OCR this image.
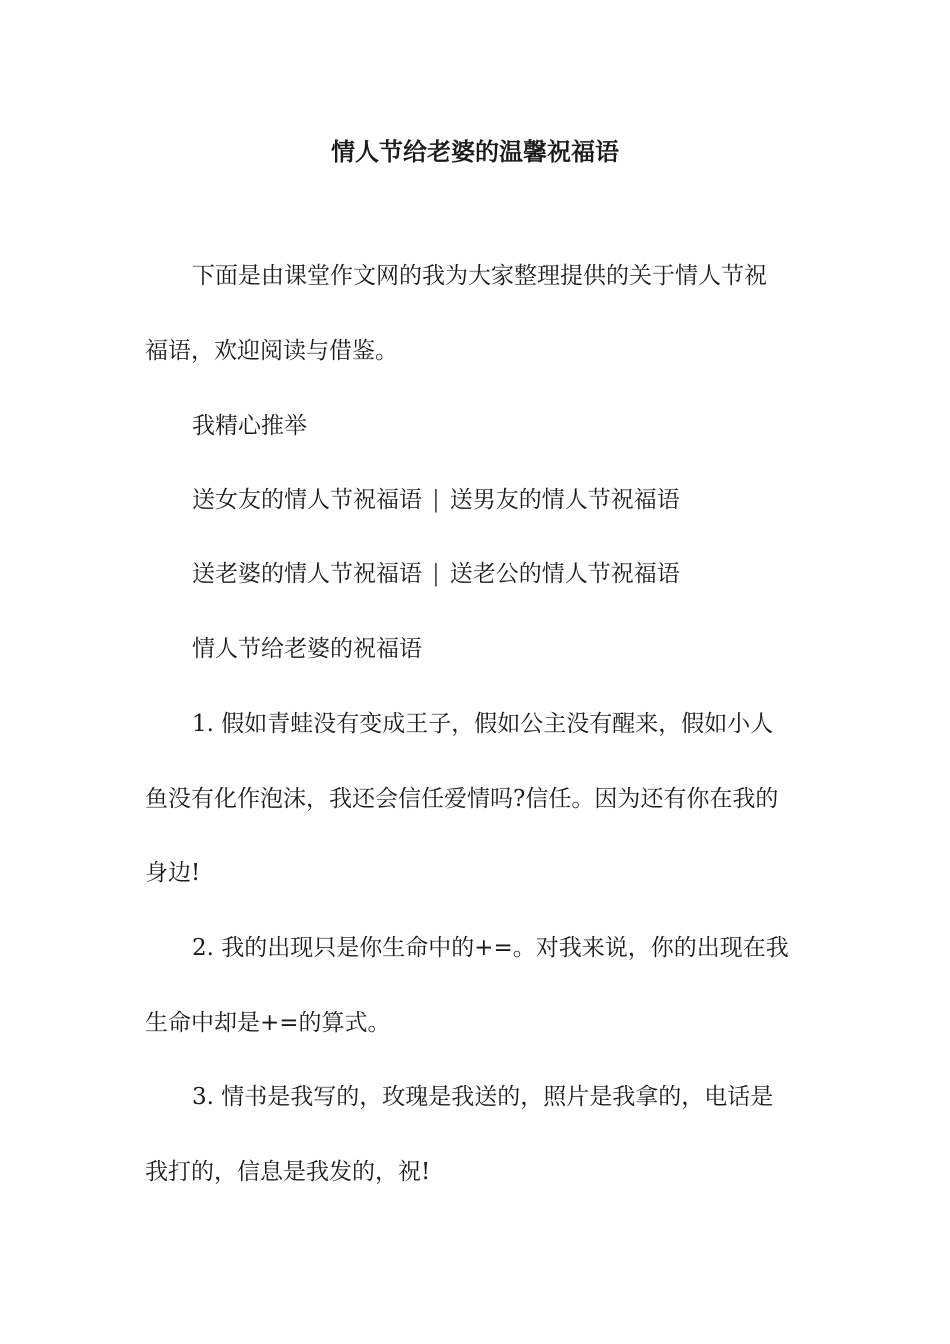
情人节给老婆的温馨祝福语

下面是由课堂作文网的我为大家整理提供的关于情人节祝

福语，欢迎阅读与借鉴。

我精心推举

送女友的情人节祝福语 | 送男友的情人节祝福语

送老婆的情人节祝福语 | 送老公的情人节祝福语

情人节给老婆的祝福语

1. 假如青蛙没有变成王子，假如公主没有醒来，假如小人

鱼没有化作泡沫，我还会信任爱情吗?信任。因为还有你在我的

身边!

2. 我的出现只是你生命中的+=。对我来说，你的出现在我

生命中却是+=的算式。

3. 情书是我写的，玫瑰是我送的，照片是我拿的，电话是

我打的，信息是我发的，祝!
